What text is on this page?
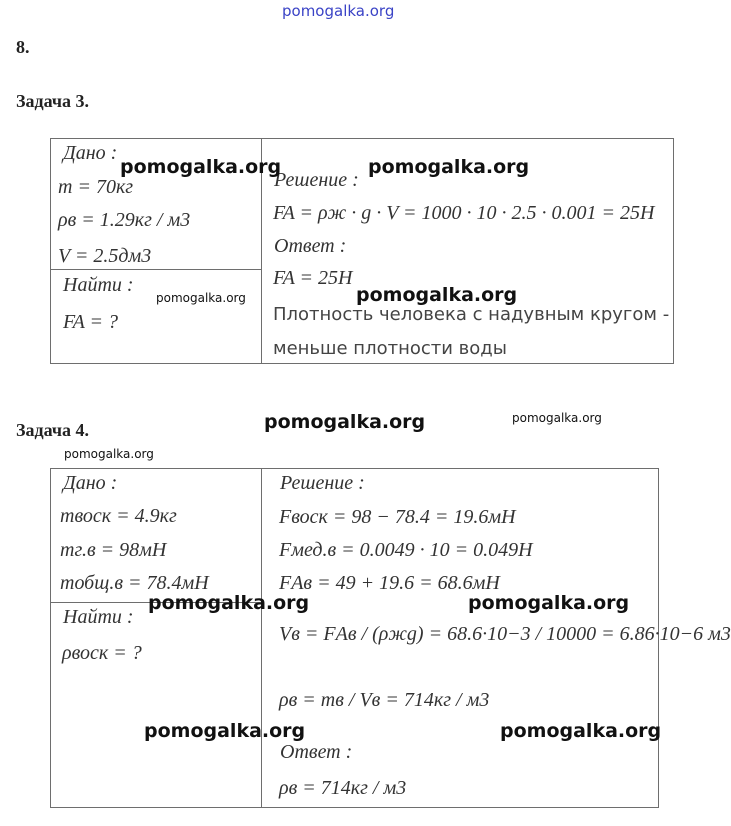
pomogalka.org
8.
Задача 3.
Дано :
m = 70кг
ρв = 1.29кг / м3
V = 2.5дм3
Найти :
FA = ?
Решение :
FA = ρж · g · V = 1000 · 10 · 2.5 · 0.001 = 25H
Ответ :
FA = 25H
Плотность человека с надувным кругом -
меньше плотности воды
Задача 4.
Дано :
mвоск = 4.9кг
mг.в = 98мН
mобщ.в = 78.4мН
Найти :
ρвоск = ?
Решение :
Fвоск = 98 − 78.4 = 19.6мН
Fмед.в = 0.0049 · 10 = 0.049Н
FАв = 49 + 19.6 = 68.6мН
Vв = FАв / (ρжg) = 68.6·10−3 / 10000 = 6.86·10−6 м3
ρв = mв / Vв = 714кг / м3
Ответ :
ρв = 714кг / м3
pomogalka.org	pomogalka.org
pomogalka.org	pomogalka.org
pomogalka.org	pomogalka.org
pomogalka.org
pomogalka.org	pomogalka.org
pomogalka.org	pomogalka.org
